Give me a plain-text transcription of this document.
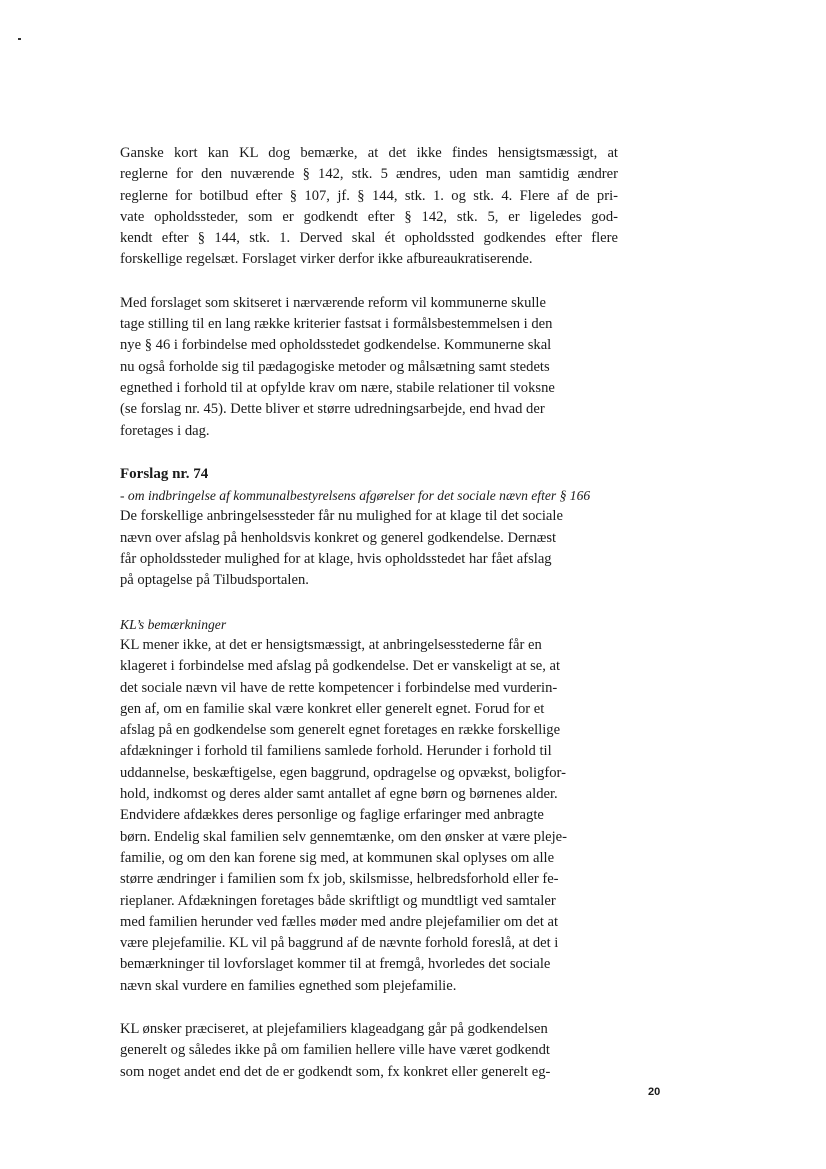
Ganske kort kan KL dog bemærke, at det ikke findes hensigtsmæssigt, at
reglerne for den nuværende § 142, stk. 5 ændres, uden man samtidig ændrer
reglerne for botilbud efter § 107, jf. § 144, stk. 1. og stk. 4. Flere af de pri-
vate opholdssteder, som er godkendt efter § 142, stk. 5, er ligeledes god-
kendt efter § 144, stk. 1. Derved skal ét opholdssted godkendes efter flere
forskellige regelsæt. Forslaget virker derfor ikke afbureaukratiserende.

Med forslaget som skitseret i nærværende reform vil kommunerne skulle
tage stilling til en lang række kriterier fastsat i formålsbestemmelsen i den
nye § 46 i forbindelse med opholdsstedet godkendelse. Kommunerne skal
nu også forholde sig til pædagogiske metoder og målsætning samt stedets
egnethed i forhold til at opfylde krav om nære, stabile relationer til voksne
(se forslag nr. 45). Dette bliver et større udredningsarbejde, end hvad der
foretages i dag.

Forslag nr. 74

- om indbringelse af kommunalbestyrelsens afgørelser for det sociale nævn efter § 166

De forskellige anbringelsessteder får nu mulighed for at klage til det sociale
nævn over afslag på henholdsvis konkret og generel godkendelse. Dernæst
får opholdssteder mulighed for at klage, hvis opholdsstedet har fået afslag
på optagelse på Tilbudsportalen.

KL’s bemærkninger

KL mener ikke, at det er hensigtsmæssigt, at anbringelsesstederne får en
klageret i forbindelse med afslag på godkendelse. Det er vanskeligt at se, at
det sociale nævn vil have de rette kompetencer i forbindelse med vurderin-
gen af, om en familie skal være konkret eller generelt egnet. Forud for et
afslag på en godkendelse som generelt egnet foretages en række forskellige
afdækninger i forhold til familiens samlede forhold. Herunder i forhold til
uddannelse, beskæftigelse, egen baggrund, opdragelse og opvækst, boligfor-
hold, indkomst og deres alder samt antallet af egne børn og børnenes alder.
Endvidere afdækkes deres personlige og faglige erfaringer med anbragte
børn. Endelig skal familien selv gennemtænke, om den ønsker at være pleje-
familie, og om den kan forene sig med, at kommunen skal oplyses om alle
større ændringer i familien som fx job, skilsmisse, helbredsforhold eller fe-
rieplaner. Afdækningen foretages både skriftligt og mundtligt ved samtaler
med familien herunder ved fælles møder med andre plejefamilier om det at
være plejefamilie. KL vil på baggrund af de nævnte forhold foreslå, at det i
bemærkninger til lovforslaget kommer til at fremgå, hvorledes det sociale
nævn skal vurdere en families egnethed som plejefamilie.

KL ønsker præciseret, at plejefamiliers klageadgang går på godkendelsen
generelt og således ikke på om familien hellere ville have været godkendt
som noget andet end det de er godkendt som, fx konkret eller generelt eg-

20
